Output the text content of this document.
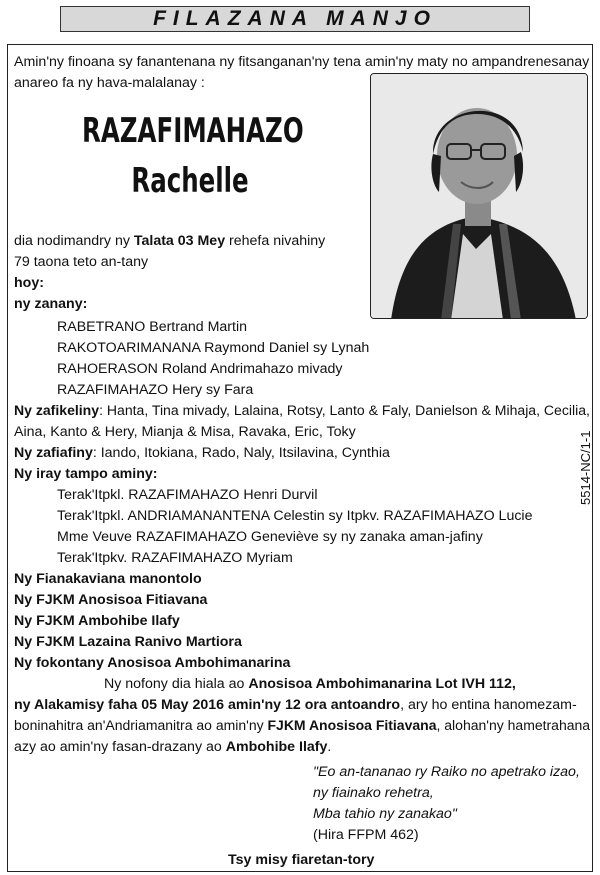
FILAZANA MANJO
Amin'ny finoana sy fanantenana ny fitsanganan'ny tena amin'ny maty no ampandrenesanay
anareo fa ny hava-malalanay :
RAZAFIMAHAZO
Rachelle
dia nodimandry ny Talata 03 Mey rehefa nivahiny
79 taona teto an-tany
hoy:
ny zanany:
RABETRANO Bertrand Martin
RAKOTOARIMANANA Raymond Daniel sy Lynah
RAHOERASON Roland Andrimahazo mivady
RAZAFIMAHAZO Hery sy Fara
Ny zafikeliny: Hanta, Tina mivady, Lalaina, Rotsy, Lanto & Faly, Danielson & Mihaja, Cecilia,
Aina, Kanto & Hery, Mianja & Misa, Ravaka, Eric, Toky
Ny zafiafiny: Iando, Itokiana, Rado, Naly, Itsilavina, Cynthia
Ny iray tampo aminy:
Terak'Itpkl. RAZAFIMAHAZO Henri Durvil
Terak'Itpkl. ANDRIAMANANTENA Celestin sy Itpkv. RAZAFIMAHAZO Lucie
Mme Veuve RAZAFIMAHAZO Geneviève sy ny zanaka aman-jafiny
Terak'Itpkv. RAZAFIMAHAZO Myriam
Ny Fianakaviana manontolo
Ny FJKM Anosisoa Fitiavana
Ny FJKM Ambohibe Ilafy
Ny FJKM Lazaina Ranivo Martiora
Ny fokontany Anosisoa Ambohimanarina
Ny nofony dia hiala ao Anosisoa Ambohimanarina Lot IVH 112,
ny Alakamisy faha 05 May 2016 amin'ny 12 ora antoandro, ary ho entina hanomezam-
boninahitra an'Andriamanitra ao amin'ny FJKM Anosisoa Fitiavana, alohan'ny hametrahana
azy ao amin'ny fasan-drazany ao Ambohibe Ilafy.
"Eo an-tananao ry Raiko no apetrako izao,
ny fiainako rehetra,
Mba tahio ny zanakao"
(Hira FFPM 462)
Tsy misy fiaretan-tory
5514-NC/1-1
